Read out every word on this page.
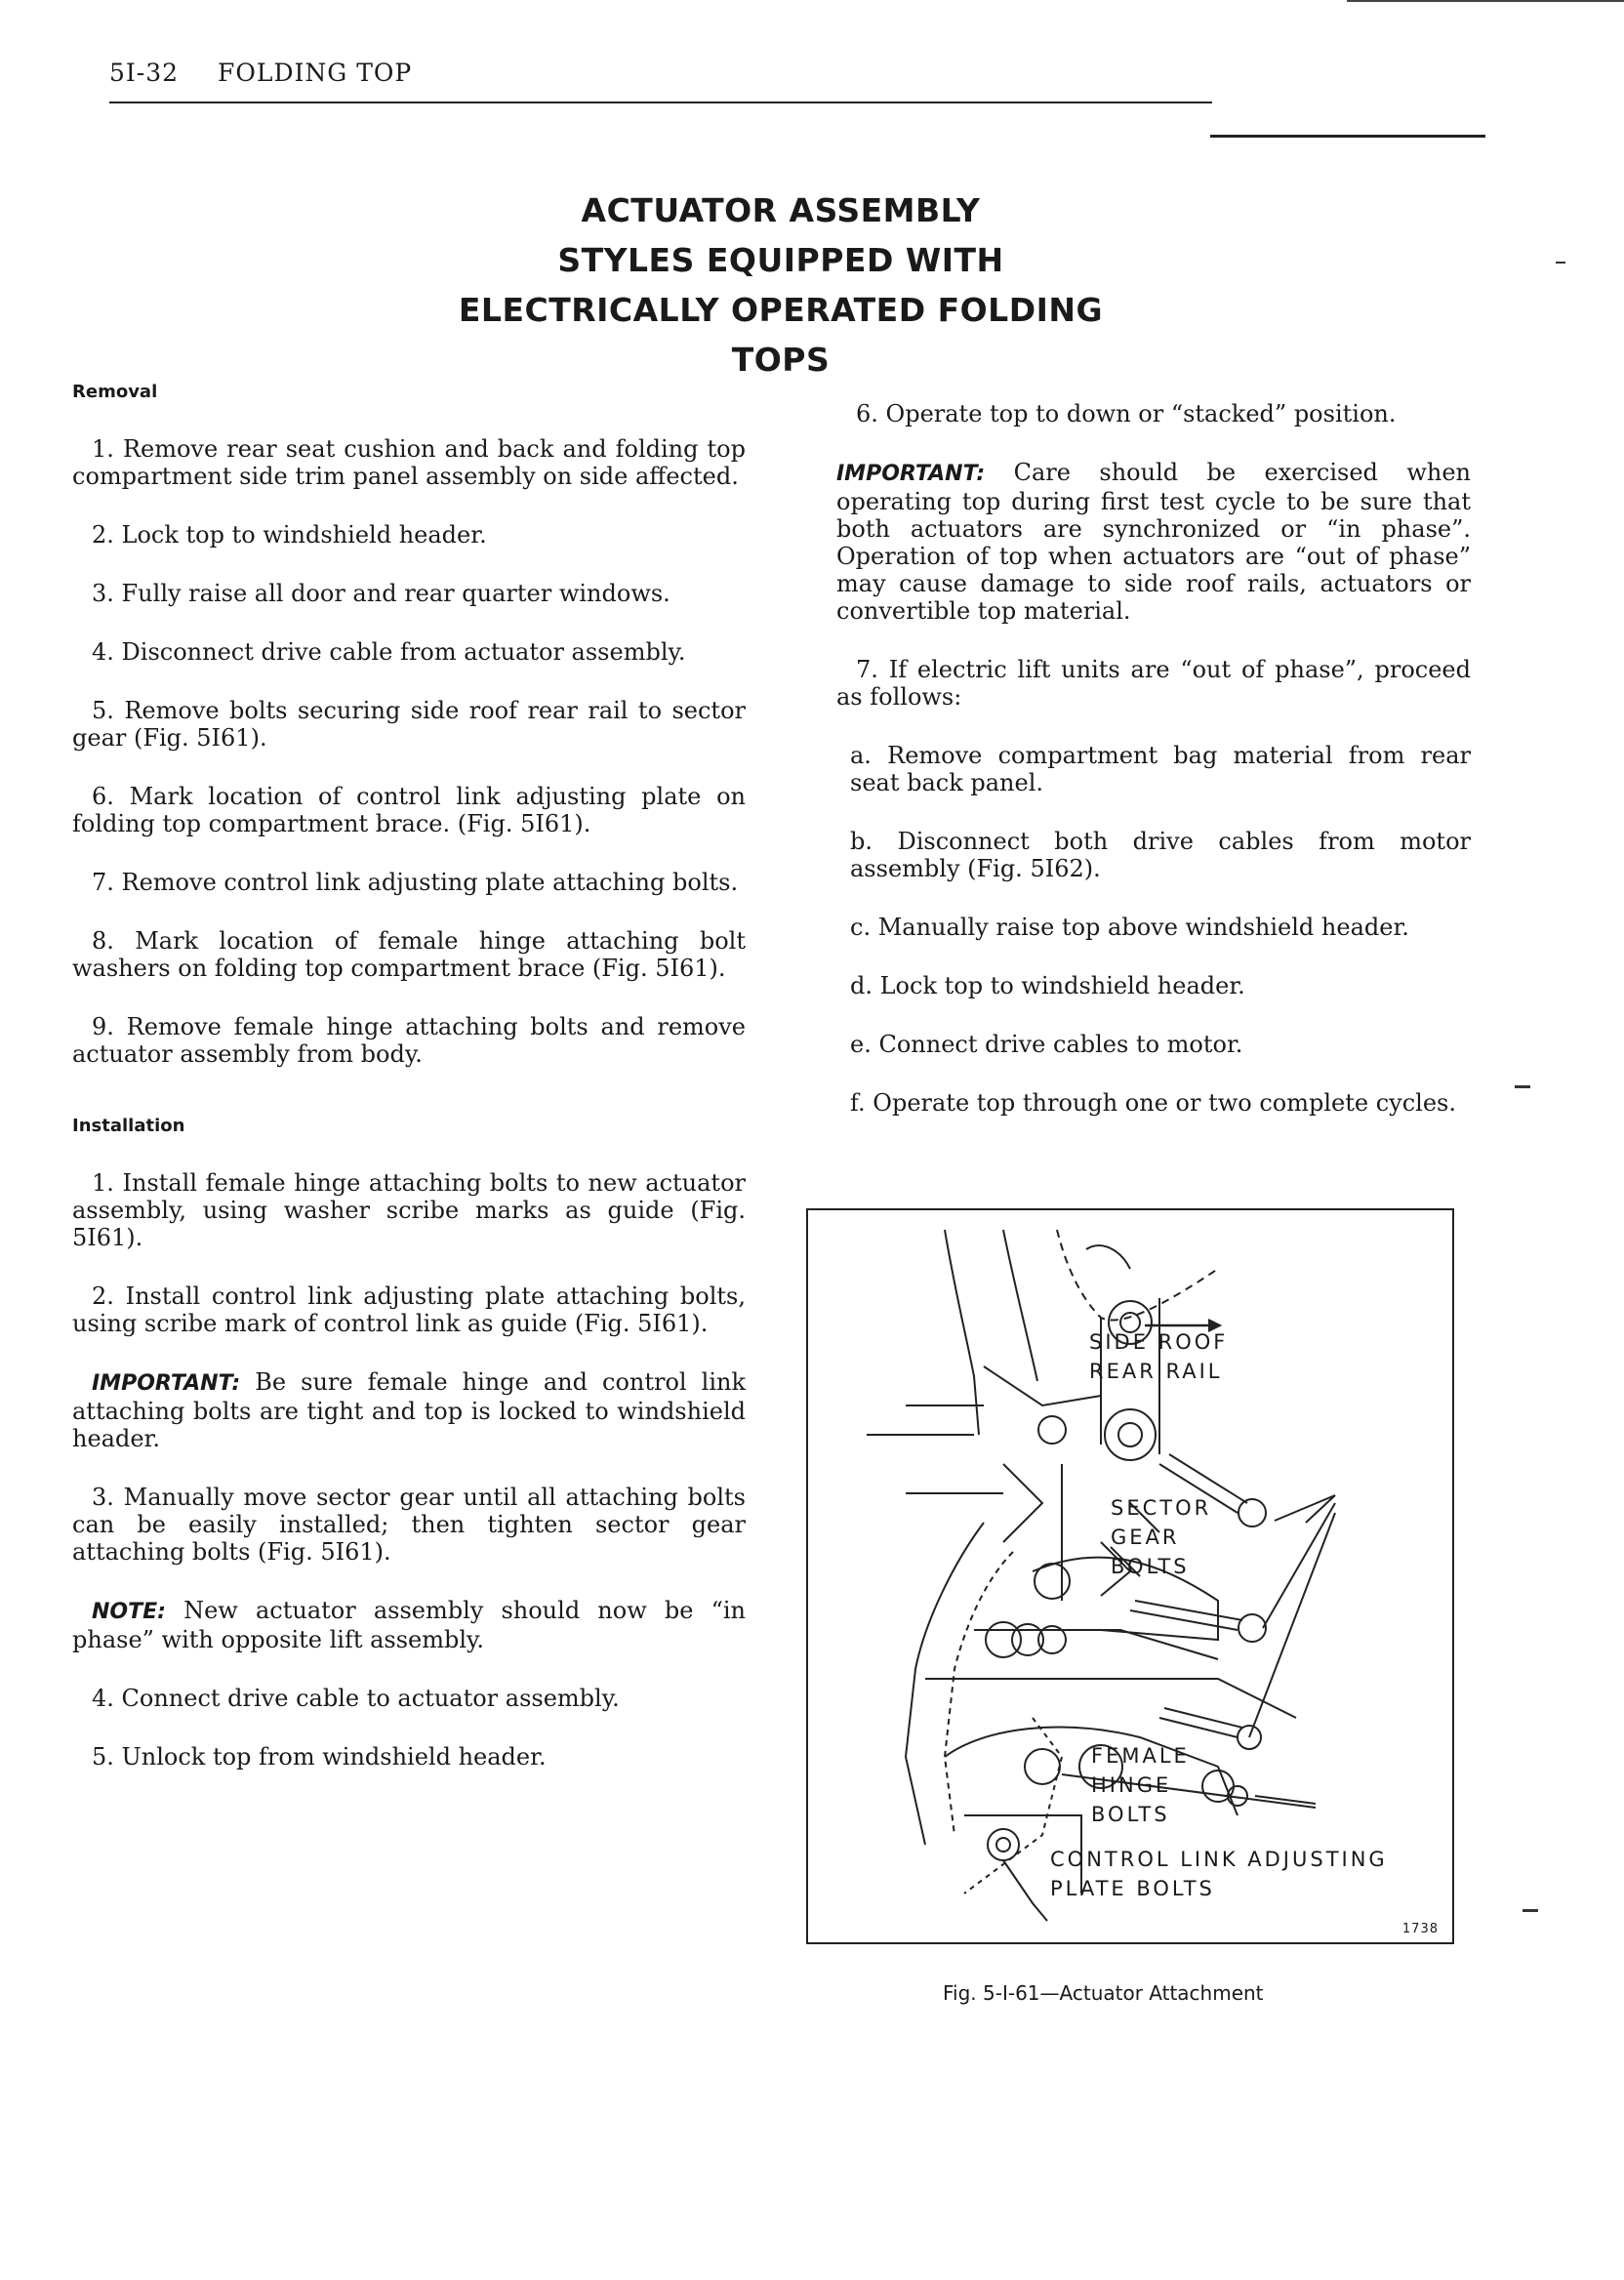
5I-32 FOLDING TOP
ACTUATOR ASSEMBLY
STYLES EQUIPPED WITH
ELECTRICALLY OPERATED FOLDING
TOPS
Removal

1. Remove rear seat cushion and back and folding top compartment side trim panel assembly on side affected.

2. Lock top to windshield header.

3. Fully raise all door and rear quarter windows.

4. Disconnect drive cable from actuator assembly.

5. Remove bolts securing side roof rear rail to sector gear (Fig. 5I61).

6. Mark location of control link adjusting plate on folding top compartment brace. (Fig. 5I61).

7. Remove control link adjusting plate attaching bolts.

8. Mark location of female hinge attaching bolt washers on folding top compartment brace (Fig. 5I61).

9. Remove female hinge attaching bolts and remove actuator assembly from body.

Installation

1. Install female hinge attaching bolts to new actuator assembly, using washer scribe marks as guide (Fig. 5I61).

2. Install control link adjusting plate attaching bolts, using scribe mark of control link as guide (Fig. 5I61).

IMPORTANT: Be sure female hinge and control link attaching bolts are tight and top is locked to windshield header.

3. Manually move sector gear until all attaching bolts can be easily installed; then tighten sector gear attaching bolts (Fig. 5I61).

NOTE: New actuator assembly should now be “in phase” with opposite lift assembly.

4. Connect drive cable to actuator assembly.

5. Unlock top from windshield header.

6. Operate top to down or “stacked” position.

IMPORTANT: Care should be exercised when operating top during first test cycle to be sure that both actuators are synchronized or “in phase”. Operation of top when actuators are “out of phase” may cause damage to side roof rails, actuators or convertible top material.

7. If electric lift units are “out of phase”, proceed as follows:

a. Remove compartment bag material from rear seat back panel.

b. Disconnect both drive cables from motor assembly (Fig. 5I62).

c. Manually raise top above windshield header.

d. Lock top to windshield header.

e. Connect drive cables to motor.

f. Operate top through one or two complete cycles.

SIDE ROOF
REAR RAIL
SECTOR
GEAR
BOLTS
FEMALE
HINGE
BOLTS
CONTROL LINK ADJUSTING
PLATE BOLTS
1738
Fig. 5-I-61—Actuator Attachment
